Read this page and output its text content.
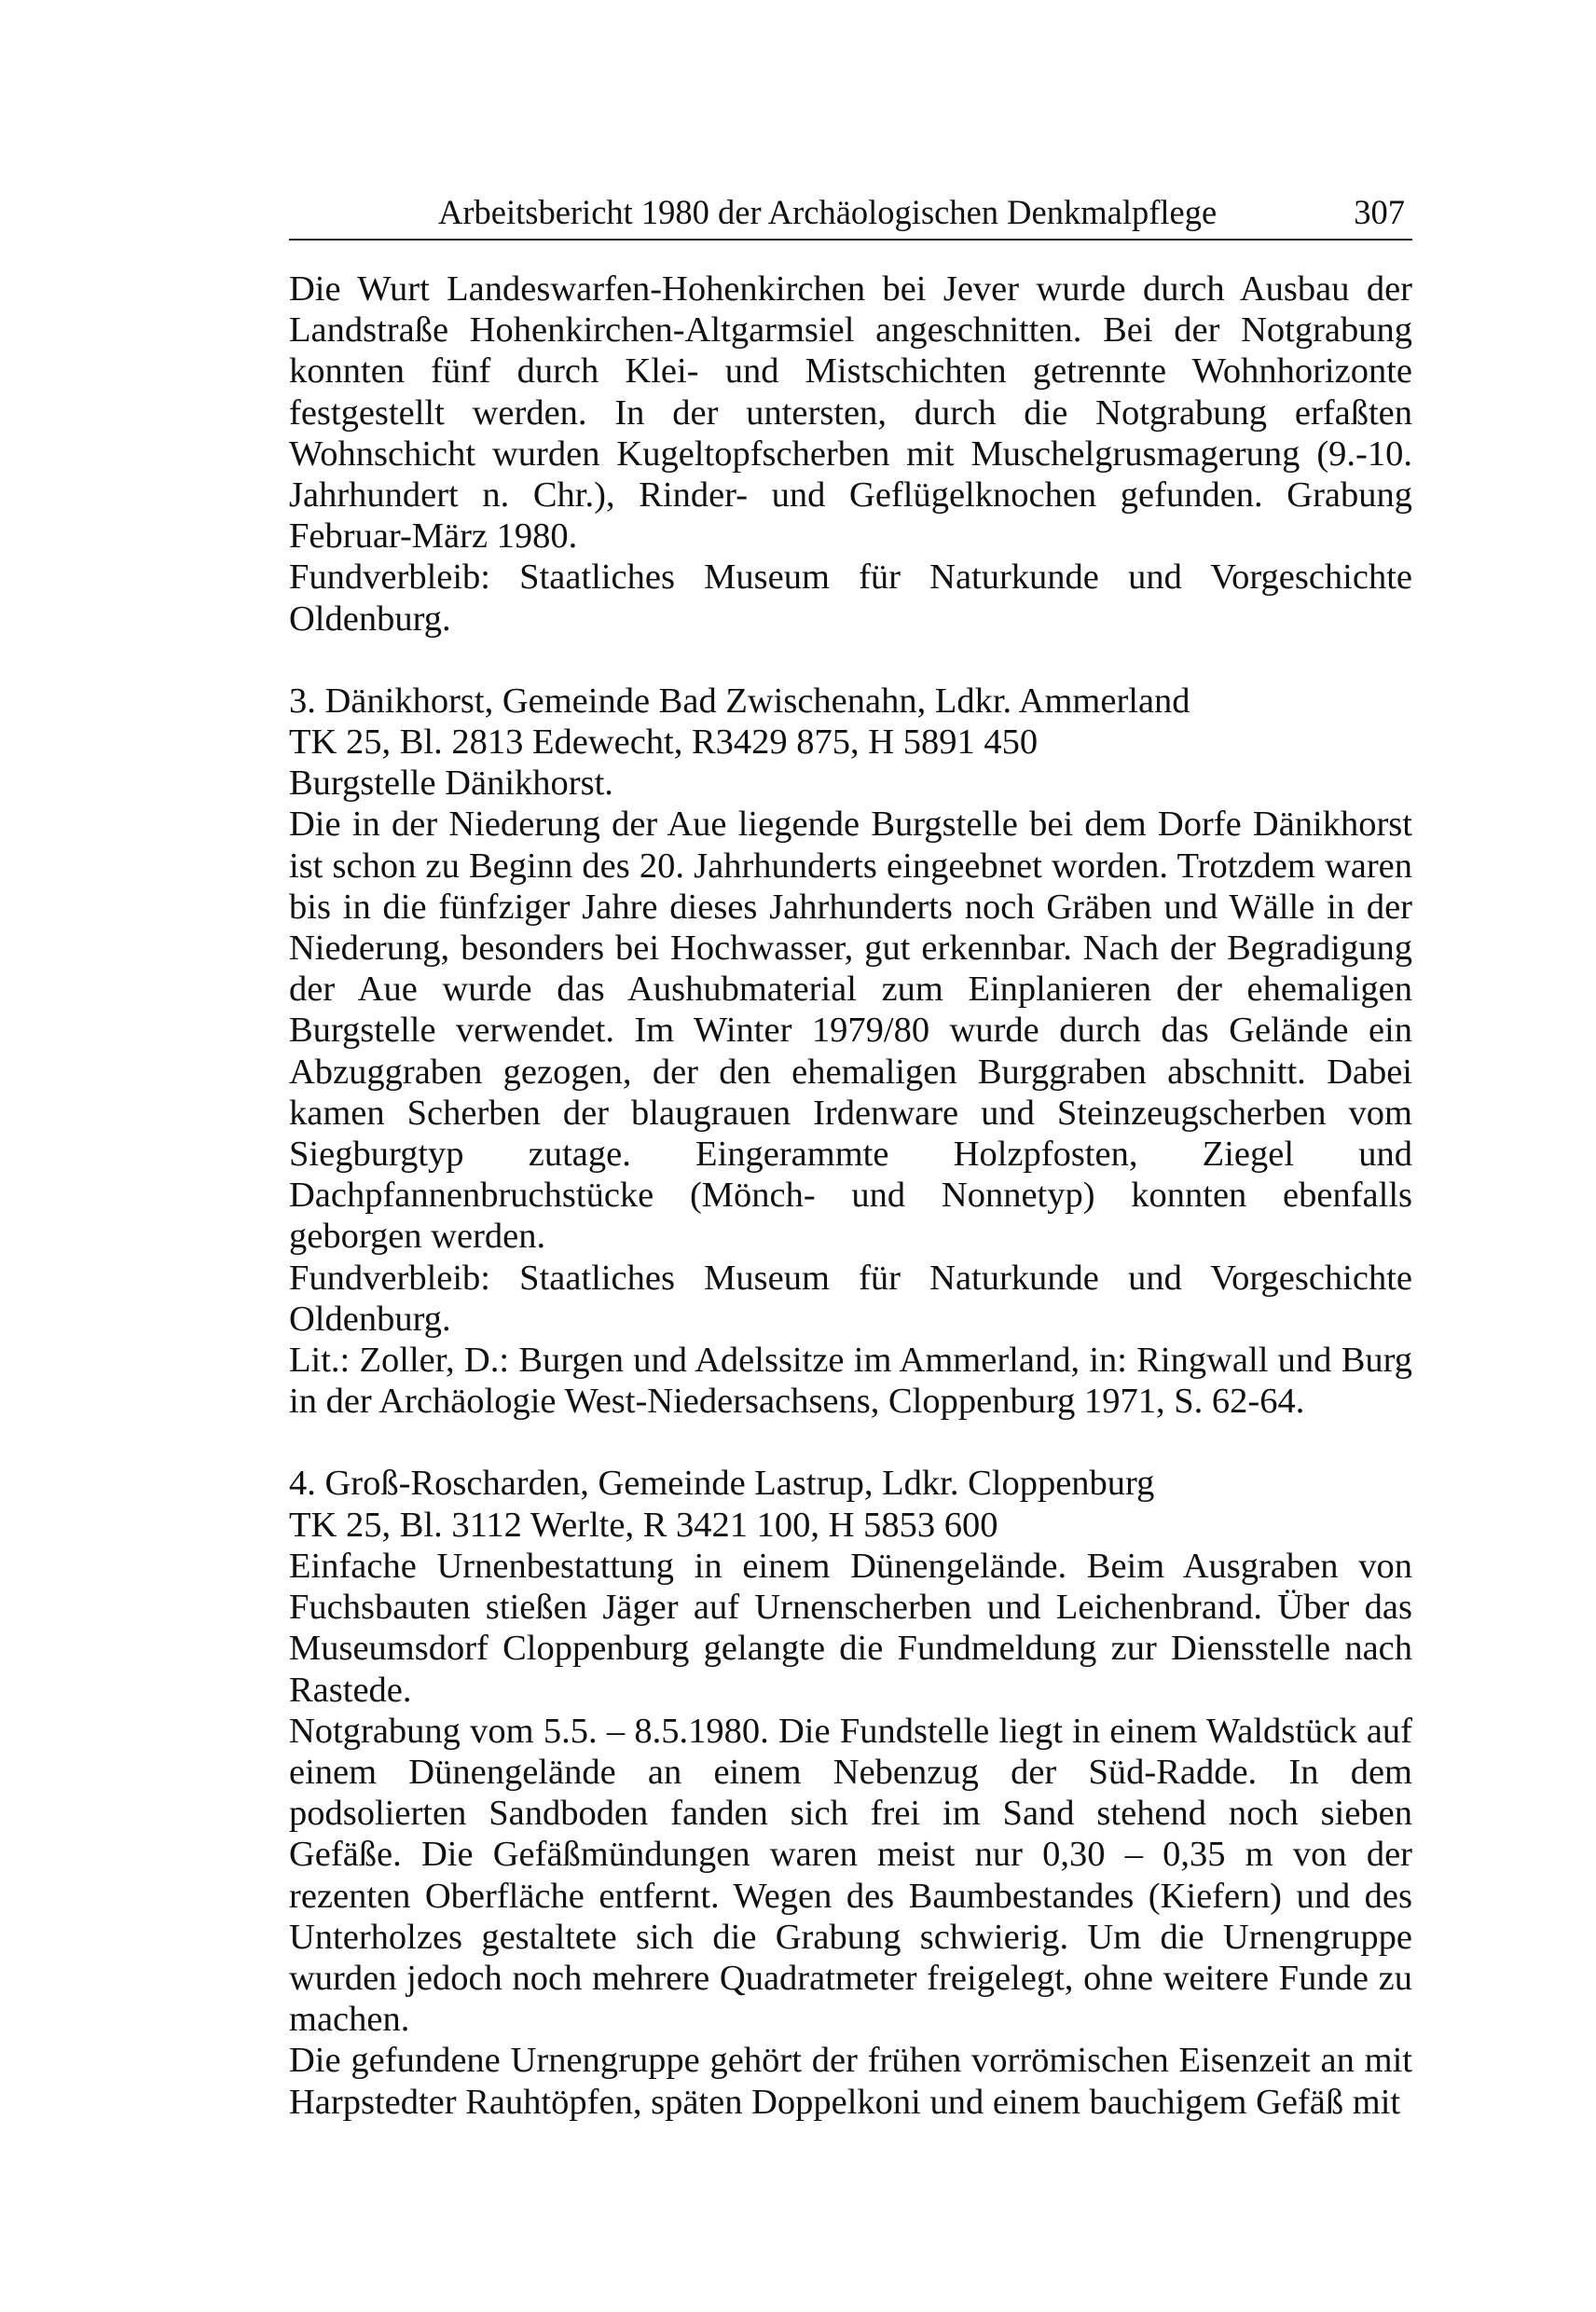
Arbeitsbericht 1980 der Archäologischen Denkmalpflege	307

Die Wurt Landeswarfen-Hohenkirchen bei Jever wurde durch Ausbau der Landstraße Hohenkirchen-Altgarmsiel angeschnitten. Bei der Notgrabung konnten fünf durch Klei- und Mistschichten getrennte Wohnhorizonte festgestellt werden. In der untersten, durch die Notgrabung erfaßten Wohnschicht wurden Kugeltopfscherben mit Muschelgrusmagerung (9.-10. Jahrhundert n. Chr.), Rinder- und Geflügelknochen gefunden. Grabung Februar-März 1980.

Fundverbleib: Staatliches Museum für Naturkunde und Vorgeschichte Oldenburg.

3. Dänikhorst, Gemeinde Bad Zwischenahn, Ldkr. Ammerland

TK 25, Bl. 2813 Edewecht, R3429 875, H 5891 450

Burgstelle Dänikhorst.

Die in der Niederung der Aue liegende Burgstelle bei dem Dorfe Dänikhorst ist schon zu Beginn des 20. Jahrhunderts eingeebnet worden. Trotzdem waren bis in die fünfziger Jahre dieses Jahrhunderts noch Gräben und Wälle in der Niederung, besonders bei Hochwasser, gut erkennbar. Nach der Begradigung der Aue wurde das Aushubmaterial zum Einplanieren der ehemaligen Burgstelle verwendet. Im Winter 1979/80 wurde durch das Gelände ein Abzuggraben gezogen, der den ehemaligen Burggraben abschnitt. Dabei kamen Scherben der blaugrauen Irdenware und Steinzeugscherben vom Siegburgtyp zutage. Eingerammte Holzpfosten, Ziegel und Dachpfannenbruchstücke (Mönch- und Nonnetyp) konnten ebenfalls geborgen werden.

Fundverbleib: Staatliches Museum für Naturkunde und Vorgeschichte Oldenburg.

Lit.: Zoller, D.: Burgen und Adelssitze im Ammerland, in: Ringwall und Burg in der Archäologie West-Niedersachsens, Cloppenburg 1971, S. 62-64.

4. Groß-Roscharden, Gemeinde Lastrup, Ldkr. Cloppenburg

TK 25, Bl. 3112 Werlte, R 3421 100, H 5853 600

Einfache Urnenbestattung in einem Dünengelände. Beim Ausgraben von Fuchsbauten stießen Jäger auf Urnenscherben und Leichenbrand. Über das Museumsdorf Cloppenburg gelangte die Fundmeldung zur Diensstelle nach Rastede.

Notgrabung vom 5.5. – 8.5.1980. Die Fundstelle liegt in einem Waldstück auf einem Dünengelände an einem Nebenzug der Süd-Radde. In dem podsolierten Sandboden fanden sich frei im Sand stehend noch sieben Gefäße. Die Gefäßmündungen waren meist nur 0,30 – 0,35 m von der rezenten Oberfläche entfernt. Wegen des Baumbestandes (Kiefern) und des Unterholzes gestaltete sich die Grabung schwierig. Um die Urnengruppe wurden jedoch noch mehrere Quadratmeter freigelegt, ohne weitere Funde zu machen.

Die gefundene Urnengruppe gehört der frühen vorrömischen Eisenzeit an mit Harpstedter Rauhtöpfen, späten Doppelkoni und einem bauchigem Gefäß mit
